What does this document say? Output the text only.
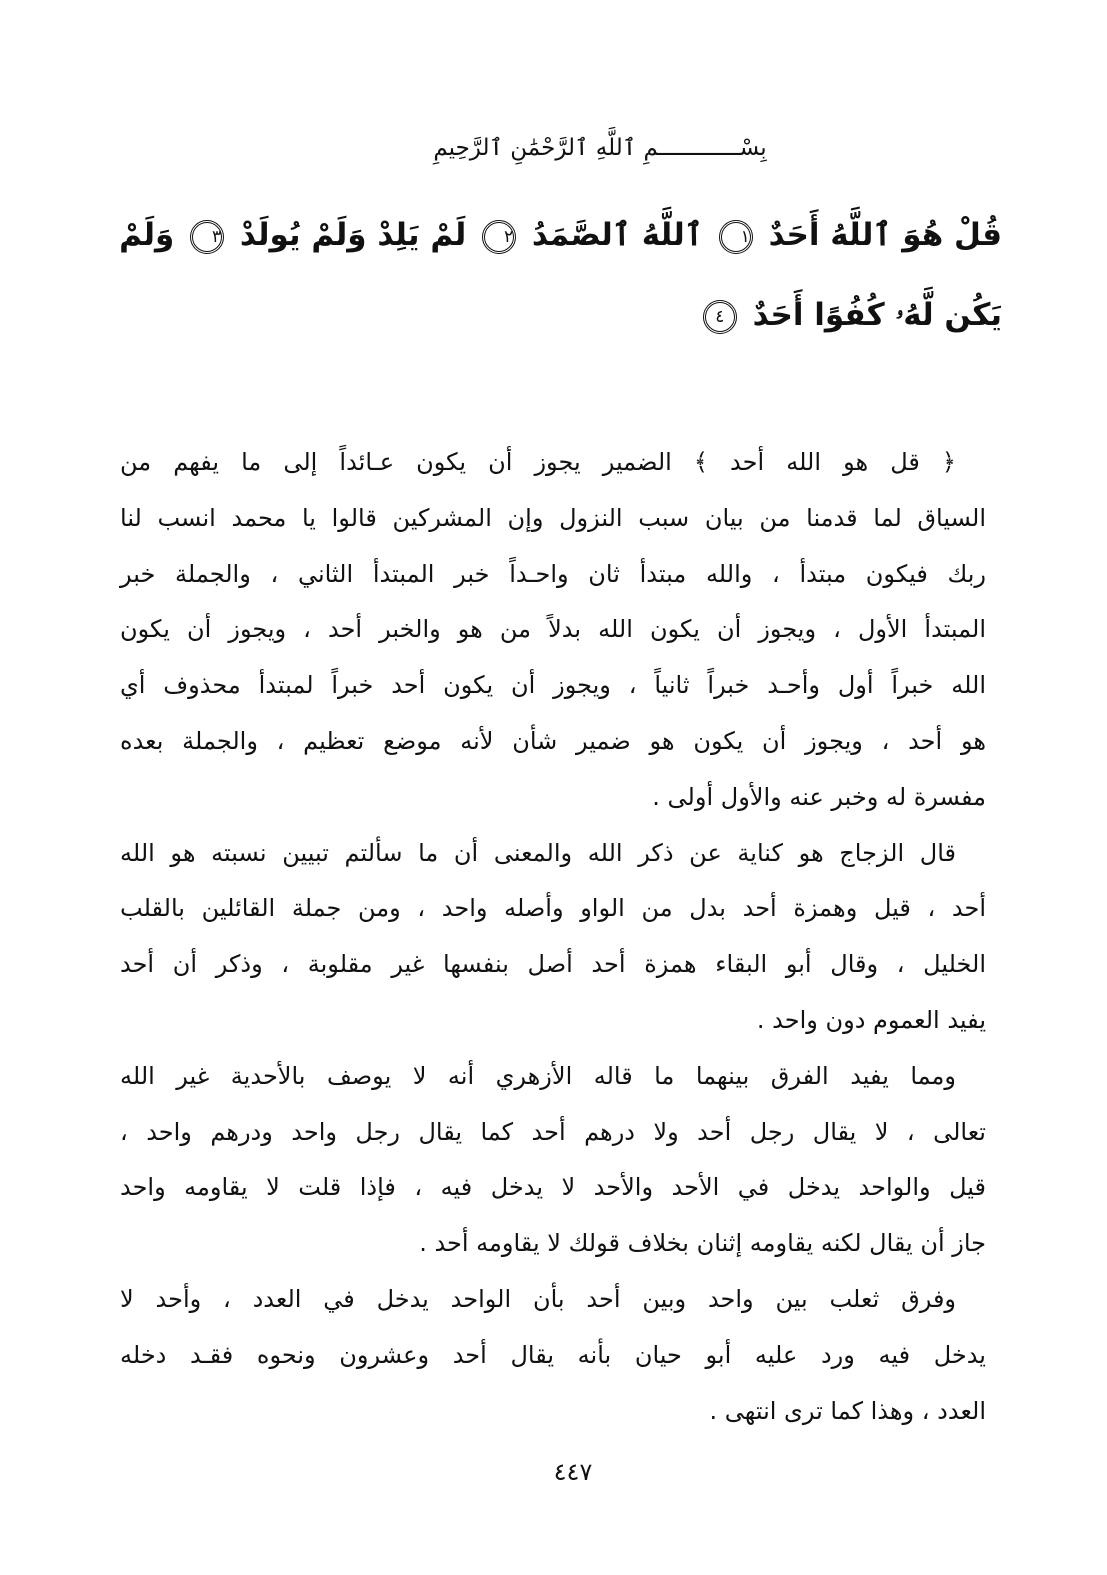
بِسْــــــــــــمِ ٱللَّهِ ٱلرَّحْمَٰنِ ٱلرَّحِيمِ
قُلْ هُوَ ٱللَّهُ أَحَدٌ ١ ٱللَّهُ ٱلصَّمَدُ ٢ لَمْ يَلِدْ وَلَمْ يُولَدْ ٣ وَلَمْ
يَكُن لَّهُۥ كُفُوًا أَحَدٌ ٤
﴿ قل هو الله أحد ﴾ الضمير يجوز أن يكون عـائداً إلى ما يفهم من
السياق لما قدمنا من بيان سبب النزول وإن المشركين قالوا يا محمد انسب لنا
ربك فيكون مبتدأ ، والله مبتدأ ثان واحـداً خبر المبتدأ الثاني ، والجملة خبر
المبتدأ الأول ، ويجوز أن يكون الله بدلاً من هو والخبر أحد ، ويجوز أن يكون
الله خبراً أول وأحـد خبراً ثانياً ، ويجوز أن يكون أحد خبراً لمبتدأ محذوف أي
هو أحد ، ويجوز أن يكون هو ضمير شأن لأنه موضع تعظيم ، والجملة بعده
مفسرة له وخبر عنه والأول أولى .
قال الزجاج هو كناية عن ذكر الله والمعنى أن ما سألتم تبيين نسبته هو الله
أحد ، قيل وهمزة أحد بدل من الواو وأصله واحد ، ومن جملة القائلين بالقلب
الخليل ، وقال أبو البقاء همزة أحد أصل بنفسها غير مقلوبة ، وذكر أن أحد
يفيد العموم دون واحد .
ومما يفيد الفرق بينهما ما قاله الأزهري أنه لا يوصف بالأحدية غير الله
تعالى ، لا يقال رجل أحد ولا درهم أحد كما يقال رجل واحد ودرهم واحد ،
قيل والواحد يدخل في الأحد والأحد لا يدخل فيه ، فإذا قلت لا يقاومه واحد
جاز أن يقال لكنه يقاومه إثنان بخلاف قولك لا يقاومه أحد .
وفرق ثعلب بين واحد وبين أحد بأن الواحد يدخل في العدد ، وأحد لا
يدخل فيه ورد عليه أبو حيان بأنه يقال أحد وعشرون ونحوه فقـد دخله
العدد ، وهذا كما ترى انتهى .
٤٤٧
